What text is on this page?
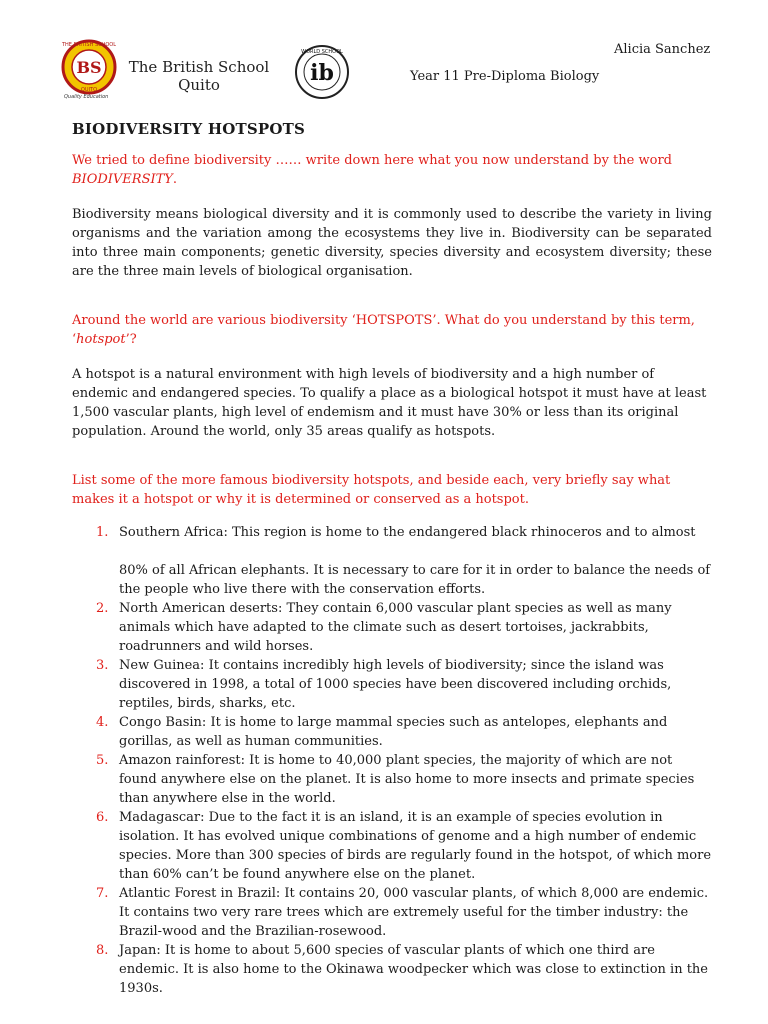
BS
THE BRITISH SCHOOL
QUITO
Quality Education
The British School
Quito	ib
WORLD SCHOOL	Alicia Sanchez
Year 11 Pre-Diploma Biology
BIODIVERSITY HOTSPOTS

We tried to define biodiversity …… write down here what you now understand by the word BIODIVERSITY.

Biodiversity means biological diversity and it is commonly used to describe the variety in living organisms and the variation among the ecosystems they live in. Biodiversity can be separated into three main components; genetic diversity, species diversity and ecosystem diversity; these are the three main levels of biological organisation.

Around the world are various biodiversity ‘HOTSPOTS’. What do you understand by this term, ‘hotspot’?

A hotspot is a natural environment with high levels of biodiversity and a high number of endemic and endangered species. To qualify a place as a biological hotspot it must have at least 1,500 vascular plants, high level of endemism and it must have 30% or less than its original population. Around the world, only 35 areas qualify as hotspots.

List some of the more famous biodiversity hotspots, and beside each, very briefly say what makes it a hotspot or why it is determined or conserved as a hotspot.

1. Southern Africa: This region is home to the endangered black rhinoceros and to almost
80% of all African elephants. It is necessary to care for it in order to balance the needs of the people who live there with the conservation efforts.
2. North American deserts: They contain 6,000 vascular plant species as well as many animals which have adapted to the climate such as desert tortoises, jackrabbits, roadrunners and wild horses.
3. New Guinea: It contains incredibly high levels of biodiversity; since the island was discovered in 1998, a total of 1000 species have been discovered including orchids, reptiles, birds, sharks, etc.
4. Congo Basin: It is home to large mammal species such as antelopes, elephants and gorillas, as well as human communities.
5. Amazon rainforest: It is home to 40,000 plant species, the majority of which are not found anywhere else on the planet. It is also home to more insects and primate species than anywhere else in the world.
6. Madagascar: Due to the fact it is an island, it is an example of species evolution in isolation. It has evolved unique combinations of genome and a high number of endemic species. More than 300 species of birds are regularly found in the hotspot, of which more than 60% can’t be found anywhere else on the planet.
7. Atlantic Forest in Brazil: It contains 20, 000 vascular plants, of which 8,000 are endemic. It contains two very rare trees which are extremely useful for the timber industry: the Brazil-wood and the Brazilian-rosewood.
8. Japan: It is home to about 5,600 species of vascular plants of which one third are endemic. It is also home to the Okinawa woodpecker which was close to extinction in the 1930s.
